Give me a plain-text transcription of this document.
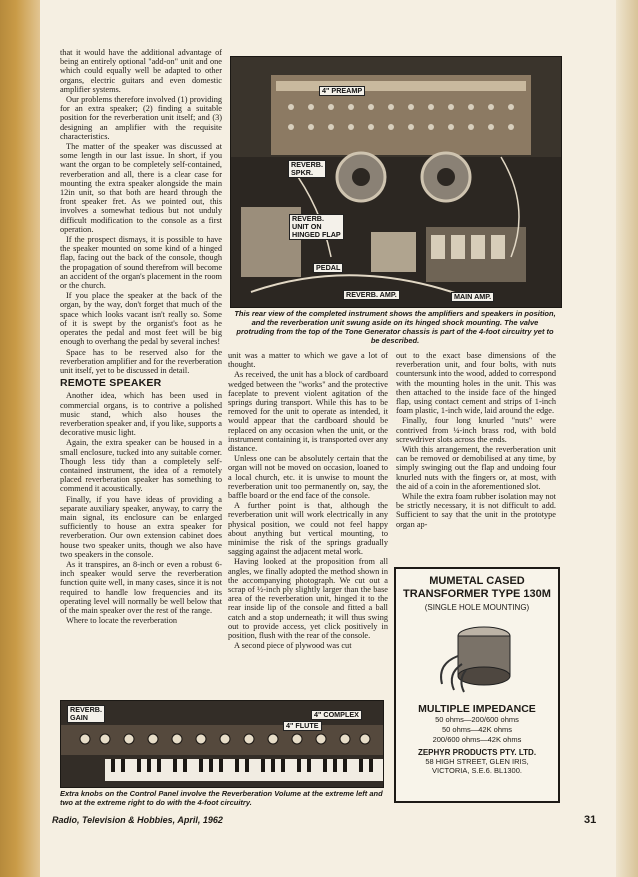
that it would have the additional advantage of being an entirely optional "add-on" unit and one which could equally well be adapted to other organs, electric guitars and even domestic amplifier systems.

Our problems therefore involved (1) providing for an extra speaker; (2) finding a suitable position for the reverberation unit itself; and (3) designing an amplifier with the requisite characteristics.

The matter of the speaker was discussed at some length in our last issue. In short, if you want the organ to be completely self-contained, reverberation and all, there is a clear case for mounting the extra speaker alongside the main 12in unit, so that both are heard through the front speaker fret. As we pointed out, this involves a somewhat tedious but not unduly difficult modification to the console as a first operation.

If the prospect dismays, it is possible to have the speaker mounted on some kind of a hinged flap, facing out the back of the console, though the propagation of sound therefrom will become an accident of the organ's placement in the room or the church.

If you place the speaker at the back of the organ, by the way, don't forget that much of the space which looks vacant isn't really so. Some of it is swept by the organist's foot as he operates the pedal and most feet will be big enough to overhang the pedal by several inches!

Space has to be reserved also for the reverberation amplifier and for the reverberation unit itself, yet to be discussed in detail.

REMOTE SPEAKER

Another idea, which has been used in commercial organs, is to contrive a polished music stand, which also houses the reverberation speaker and, if you like, supports a decorative music light.

Again, the extra speaker can be housed in a small enclosure, tucked into any suitable corner. Though less tidy than a completely self-contained instrument, the idea of a remotely placed reverberation speaker has something to commend it acoustically.

Finally, if you have ideas of providing a separate auxiliary speaker, anyway, to carry the main signal, its enclosure can be enlarged sufficiently to house an extra speaker for reverberation. Our own extension cabinet does house two speaker units, though we also have two speakers in the console.

As it transpires, an 8-inch or even a robust 6-inch speaker would serve the reverberation function quite well, in many cases, since it is not required to handle low frequencies and its operating level will normally be well below that of the main speaker over the rest of the range.

Where to locate the reverberation

4" PREAMP
REVERB.
SPKR.
REVERB.
UNIT ON
HINGED FLAP
PEDAL
REVERB. AMP.	MAIN AMP.
This rear view of the completed instrument shows the amplifiers and speakers in position, and the reverberation unit swung aside on its hinged shock mounting. The valve protruding from the top of the Tone Generator chassis is part of the 4-foot circuitry yet to be described.

unit was a matter to which we gave a lot of thought.

As received, the unit has a block of cardboard wedged between the "works" and the protective faceplate to prevent violent agitation of the springs during transport. While this has to be removed for the unit to operate as intended, it would appear that the cardboard should be replaced on any occasion when the unit, or the instrument containing it, is transported over any distance.

Unless one can be absolutely certain that the organ will not be moved on occasion, loaned to a local church, etc. it is unwise to mount the reverberation unit too permanently on, say, the baffle board or the end face of the console.

A further point is that, although the reverberation unit will work electrically in any physical position, we could not feel happy about anything but vertical mounting, to minimise the risk of the springs gradually sagging against the adjacent metal work.

Having looked at the proposition from all angles, we finally adopted the method shown in the accompanying photograph. We cut out a scrap of ½-inch ply slightly larger than the base area of the reverberation unit, hinged it to the rear inside lip of the console and fitted a ball catch and a stop underneath; it will thus swing out to provide access, yet click positively in position, flush with the rear of the console.

A second piece of plywood was cut

out to the exact base dimensions of the reverberation unit, and four bolts, with nuts countersunk into the wood, added to correspond with the mounting holes in the unit. This was then attached to the inside face of the hinged flap, using contact cement and strips of 1-inch foam plastic, 1-inch wide, laid around the edge.

Finally, four long knurled "nuts" were contrived from ¼-inch brass rod, with bold screwdriver slots across the ends.

With this arrangement, the reverberation unit can be removed or demobilised at any time, by simply swinging out the flap and undoing four knurled nuts with the fingers or, at most, with the aid of a coin in the aforementioned slot.

While the extra foam rubber isolation may not be strictly necessary, it is not difficult to add. Sufficient to say that the unit in the prototype organ ap-

MUMETAL CASED TRANSFORMER TYPE 130M
(SINGLE HOLE MOUNTING)
MULTIPLE IMPEDANCE
50 ohms—200/600 ohms
50 ohms—42K ohms
200/600 ohms—42K ohms
ZEPHYR PRODUCTS PTY. LTD.
58 HIGH STREET, GLEN IRIS,
VICTORIA, S.E.6. BL1300.
REVERB.
GAIN	4" COMPLEX
4" FLUTE
Extra knobs on the Control Panel involve the Reverberation Volume at the extreme left and two at the extreme right to do with the 4-foot circuitry.
Radio, Television & Hobbies, April, 1962	31
